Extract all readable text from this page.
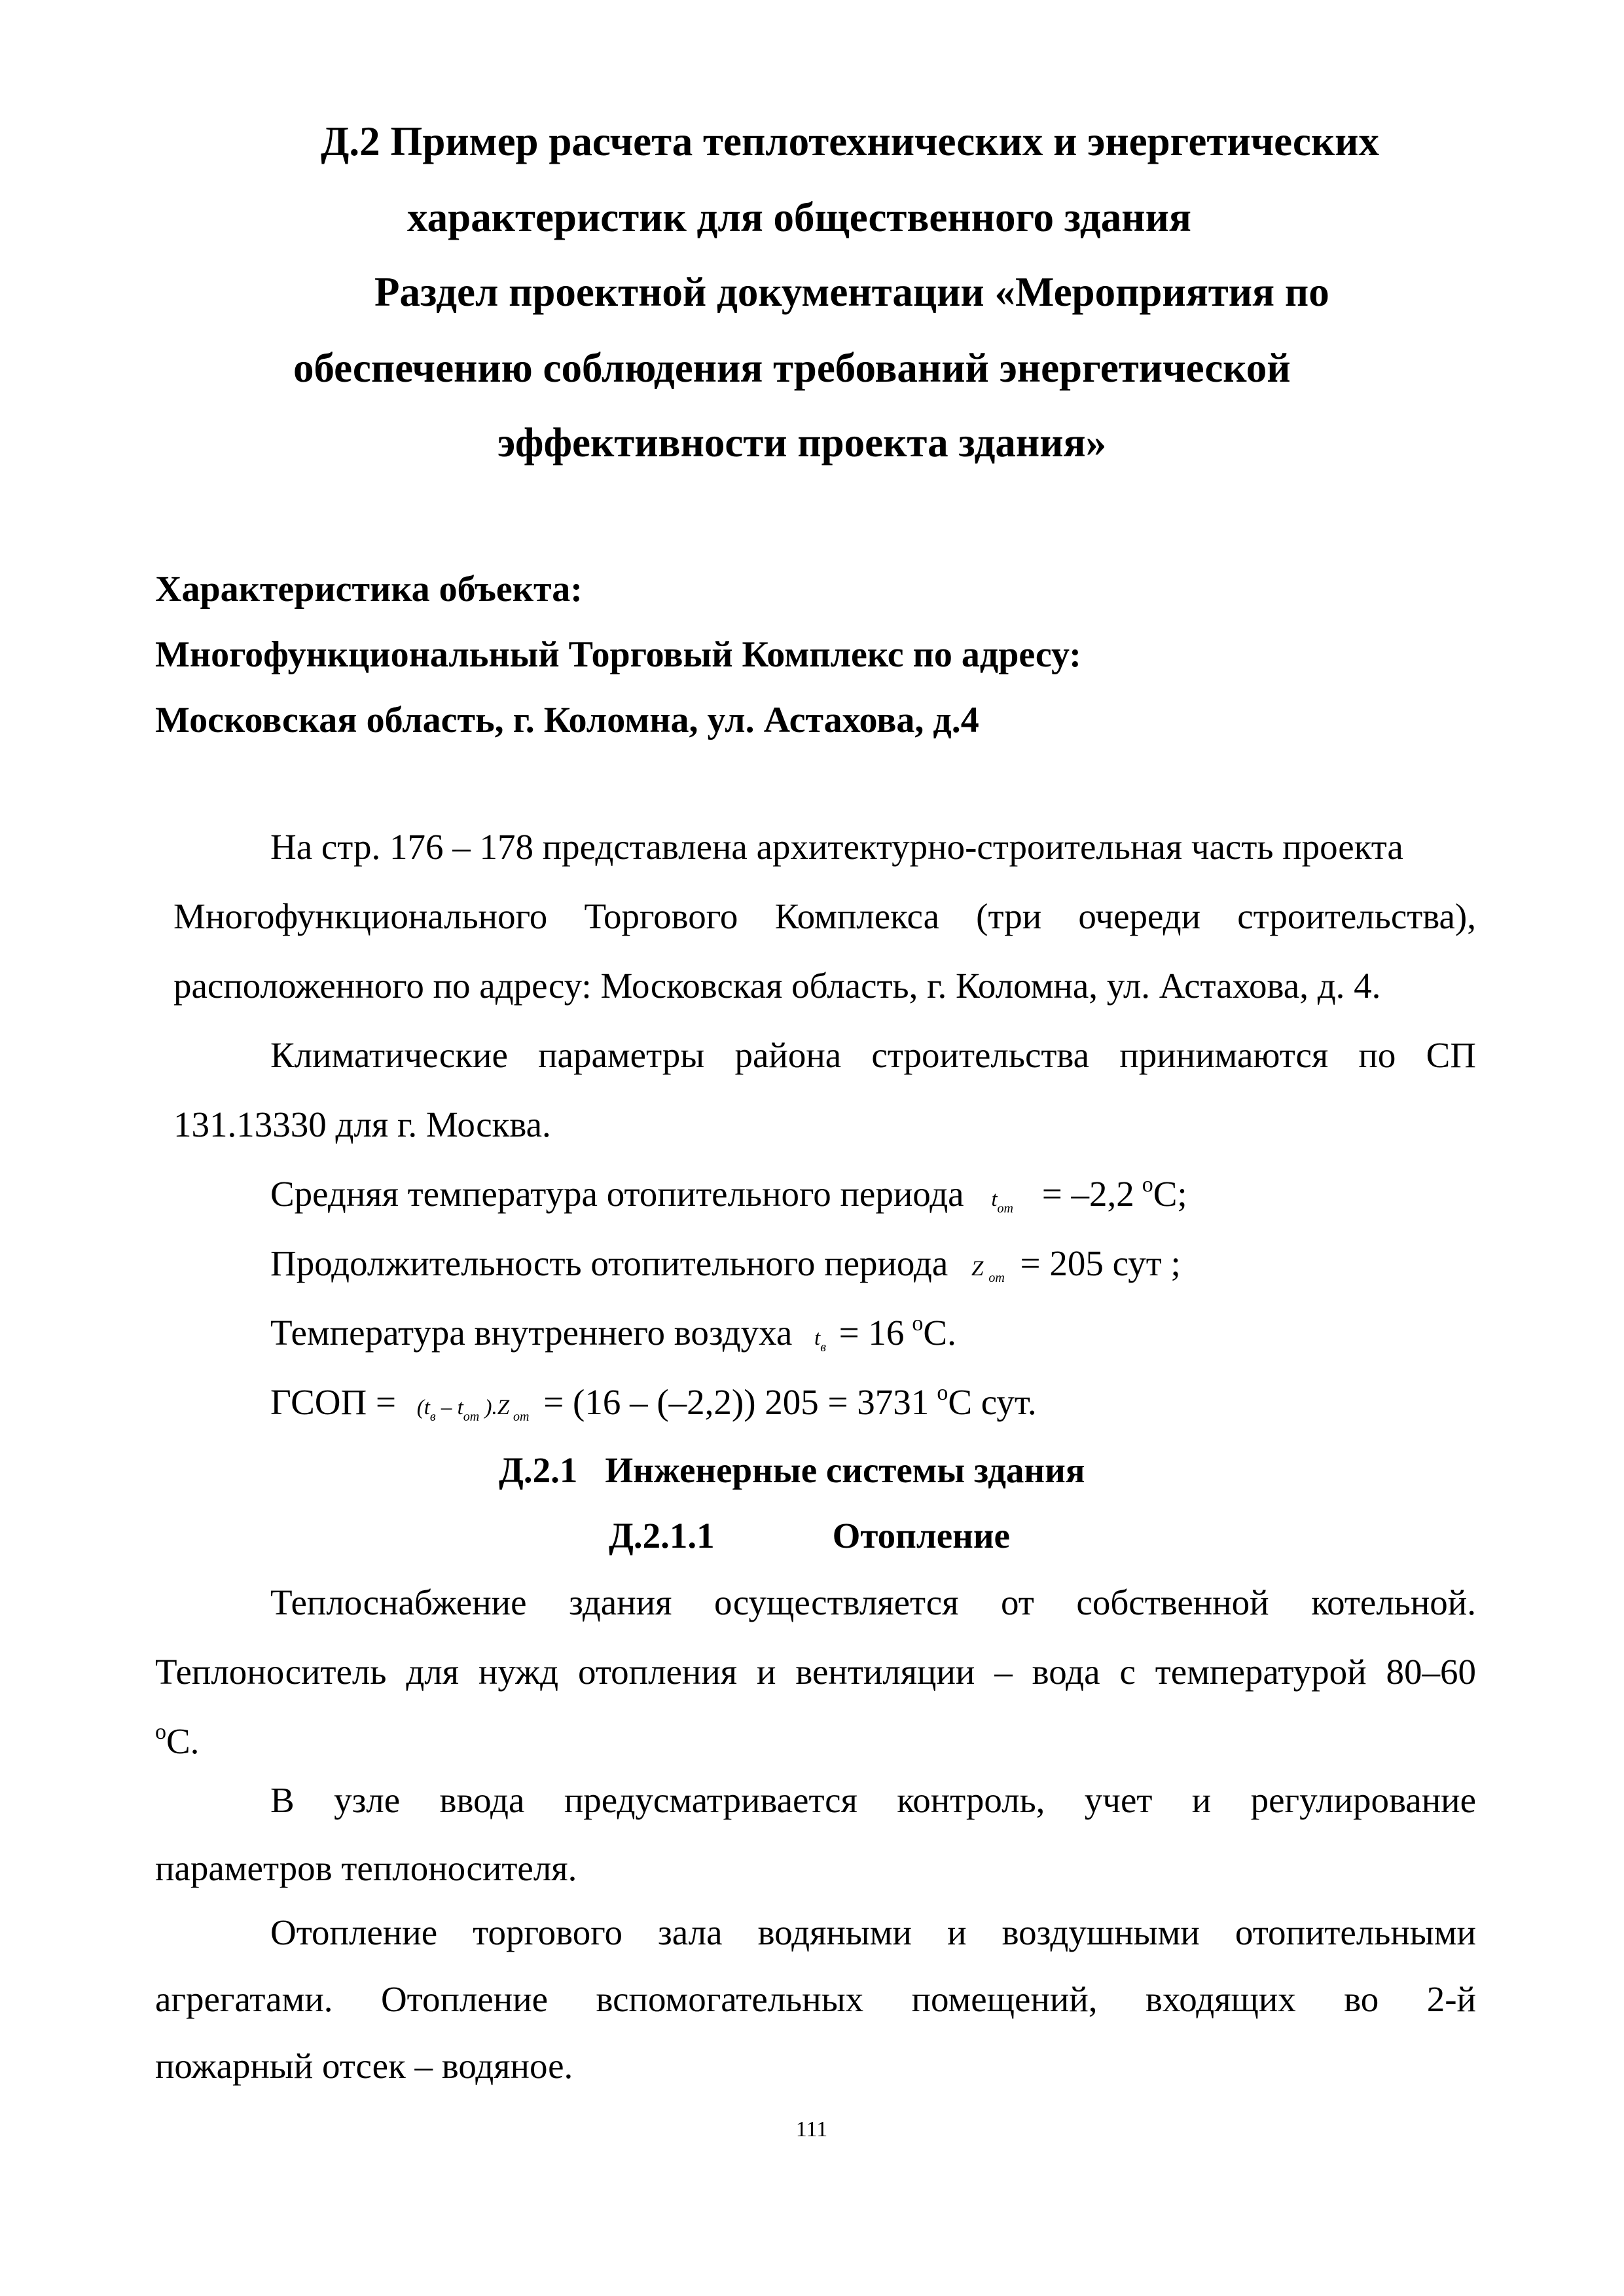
Д.2 Пример расчета теплотехнических и энергетических
характеристик для общественного здания
Раздел проектной документации «Мероприятия по
обеспечению соблюдения требований энергетической
эффективности проекта здания»
Характеристика объекта:
Многофункциональный Торговый Комплекс по адресу:
Московская область, г. Коломна, ул. Астахова, д.4
На стр. 176 – 178 представлена архитектурно-строительная часть проекта
Многофункционального Торгового Комплекса (три очереди строительства),
расположенного по адресу: Московская область, г. Коломна, ул. Астахова, д. 4.
Климатические параметры района строительства принимаются по СП
131.13330 для г. Москва.
Средняя температура отопительного периода $t_{от} = -2,2$ $^o$С;
Продолжительность отопительного периода Z $_{от}$ = 205 сут ;
Температура внутреннего воздуха $t_в = 16$ $^o$С.
ГСОП = ($t_в - t_{от}$ ).Z $_{от}$ = (16 – (–2,2)) 205 = 3731 $^o$С сут.
Д.2.1 Инженерные системы здания
Д.2.1.1	Отопление
Теплоснабжение здания осуществляется от собственной котельной.
Теплоноситель для нужд отопления и вентиляции – вода с температурой 80–60
$^o$С.
В узле ввода предусматривается контроль, учет и регулирование
параметров теплоносителя.
Отопление торгового зала водяными и воздушными отопительными
агрегатами. Отопление вспомогательных помещений, входящих во 2-й
пожарный отсек – водяное.
111
